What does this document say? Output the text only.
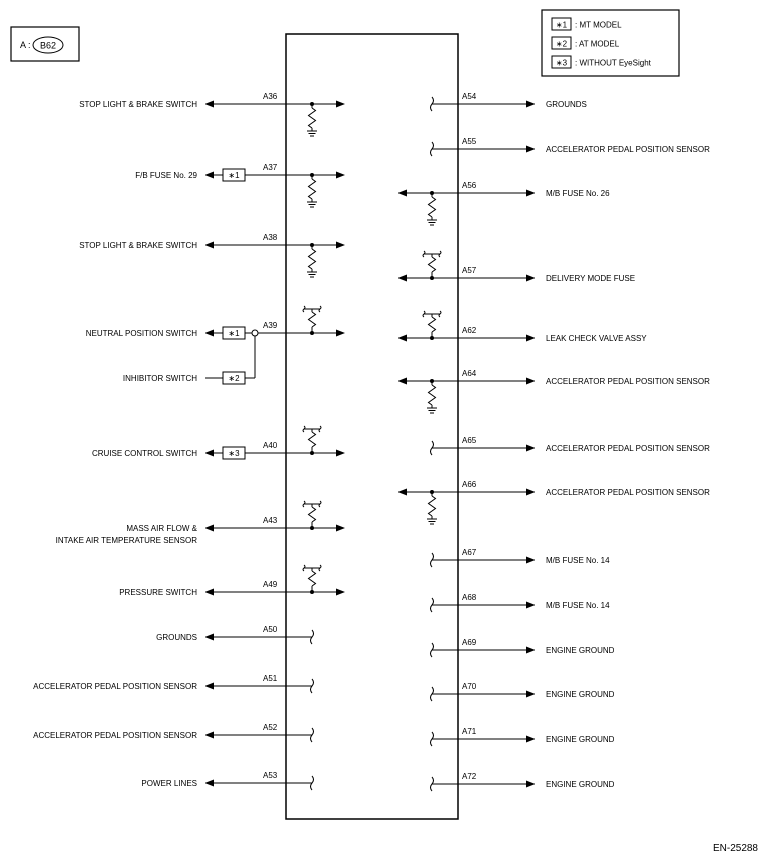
A : B62
∗1 : MT MODEL
∗2 : AT MODEL
∗3 : WITHOUT EyeSight
STOP LIGHT & BRAKE SWITCH
A36
F/B FUSE No. 29
A37
∗1
STOP LIGHT & BRAKE SWITCH
A38
NEUTRAL POSITION SWITCH
A39
∗1
INHIBITOR SWITCH	∗2
CRUISE CONTROL SWITCH
A40
∗3
MASS AIR FLOW &
INTAKE AIR TEMPERATURE SENSOR
A43
PRESSURE SWITCH
A49
GROUNDS
A50
ACCELERATOR PEDAL POSITION SENSOR
A51
ACCELERATOR PEDAL POSITION SENSOR
A52
POWER LINES
A53
A54
GROUNDS
A55
ACCELERATOR PEDAL POSITION SENSOR
A56
M/B FUSE No. 26
A57
DELIVERY MODE FUSE
A62
LEAK CHECK VALVE ASSY
A64
ACCELERATOR PEDAL POSITION SENSOR
A65
ACCELERATOR PEDAL POSITION SENSOR
A66
ACCELERATOR PEDAL POSITION SENSOR
A67
M/B FUSE No. 14
A68
M/B FUSE No. 14
A69
ENGINE GROUND
A70
ENGINE GROUND
A71
ENGINE GROUND
A72
ENGINE GROUND
EN-25288
